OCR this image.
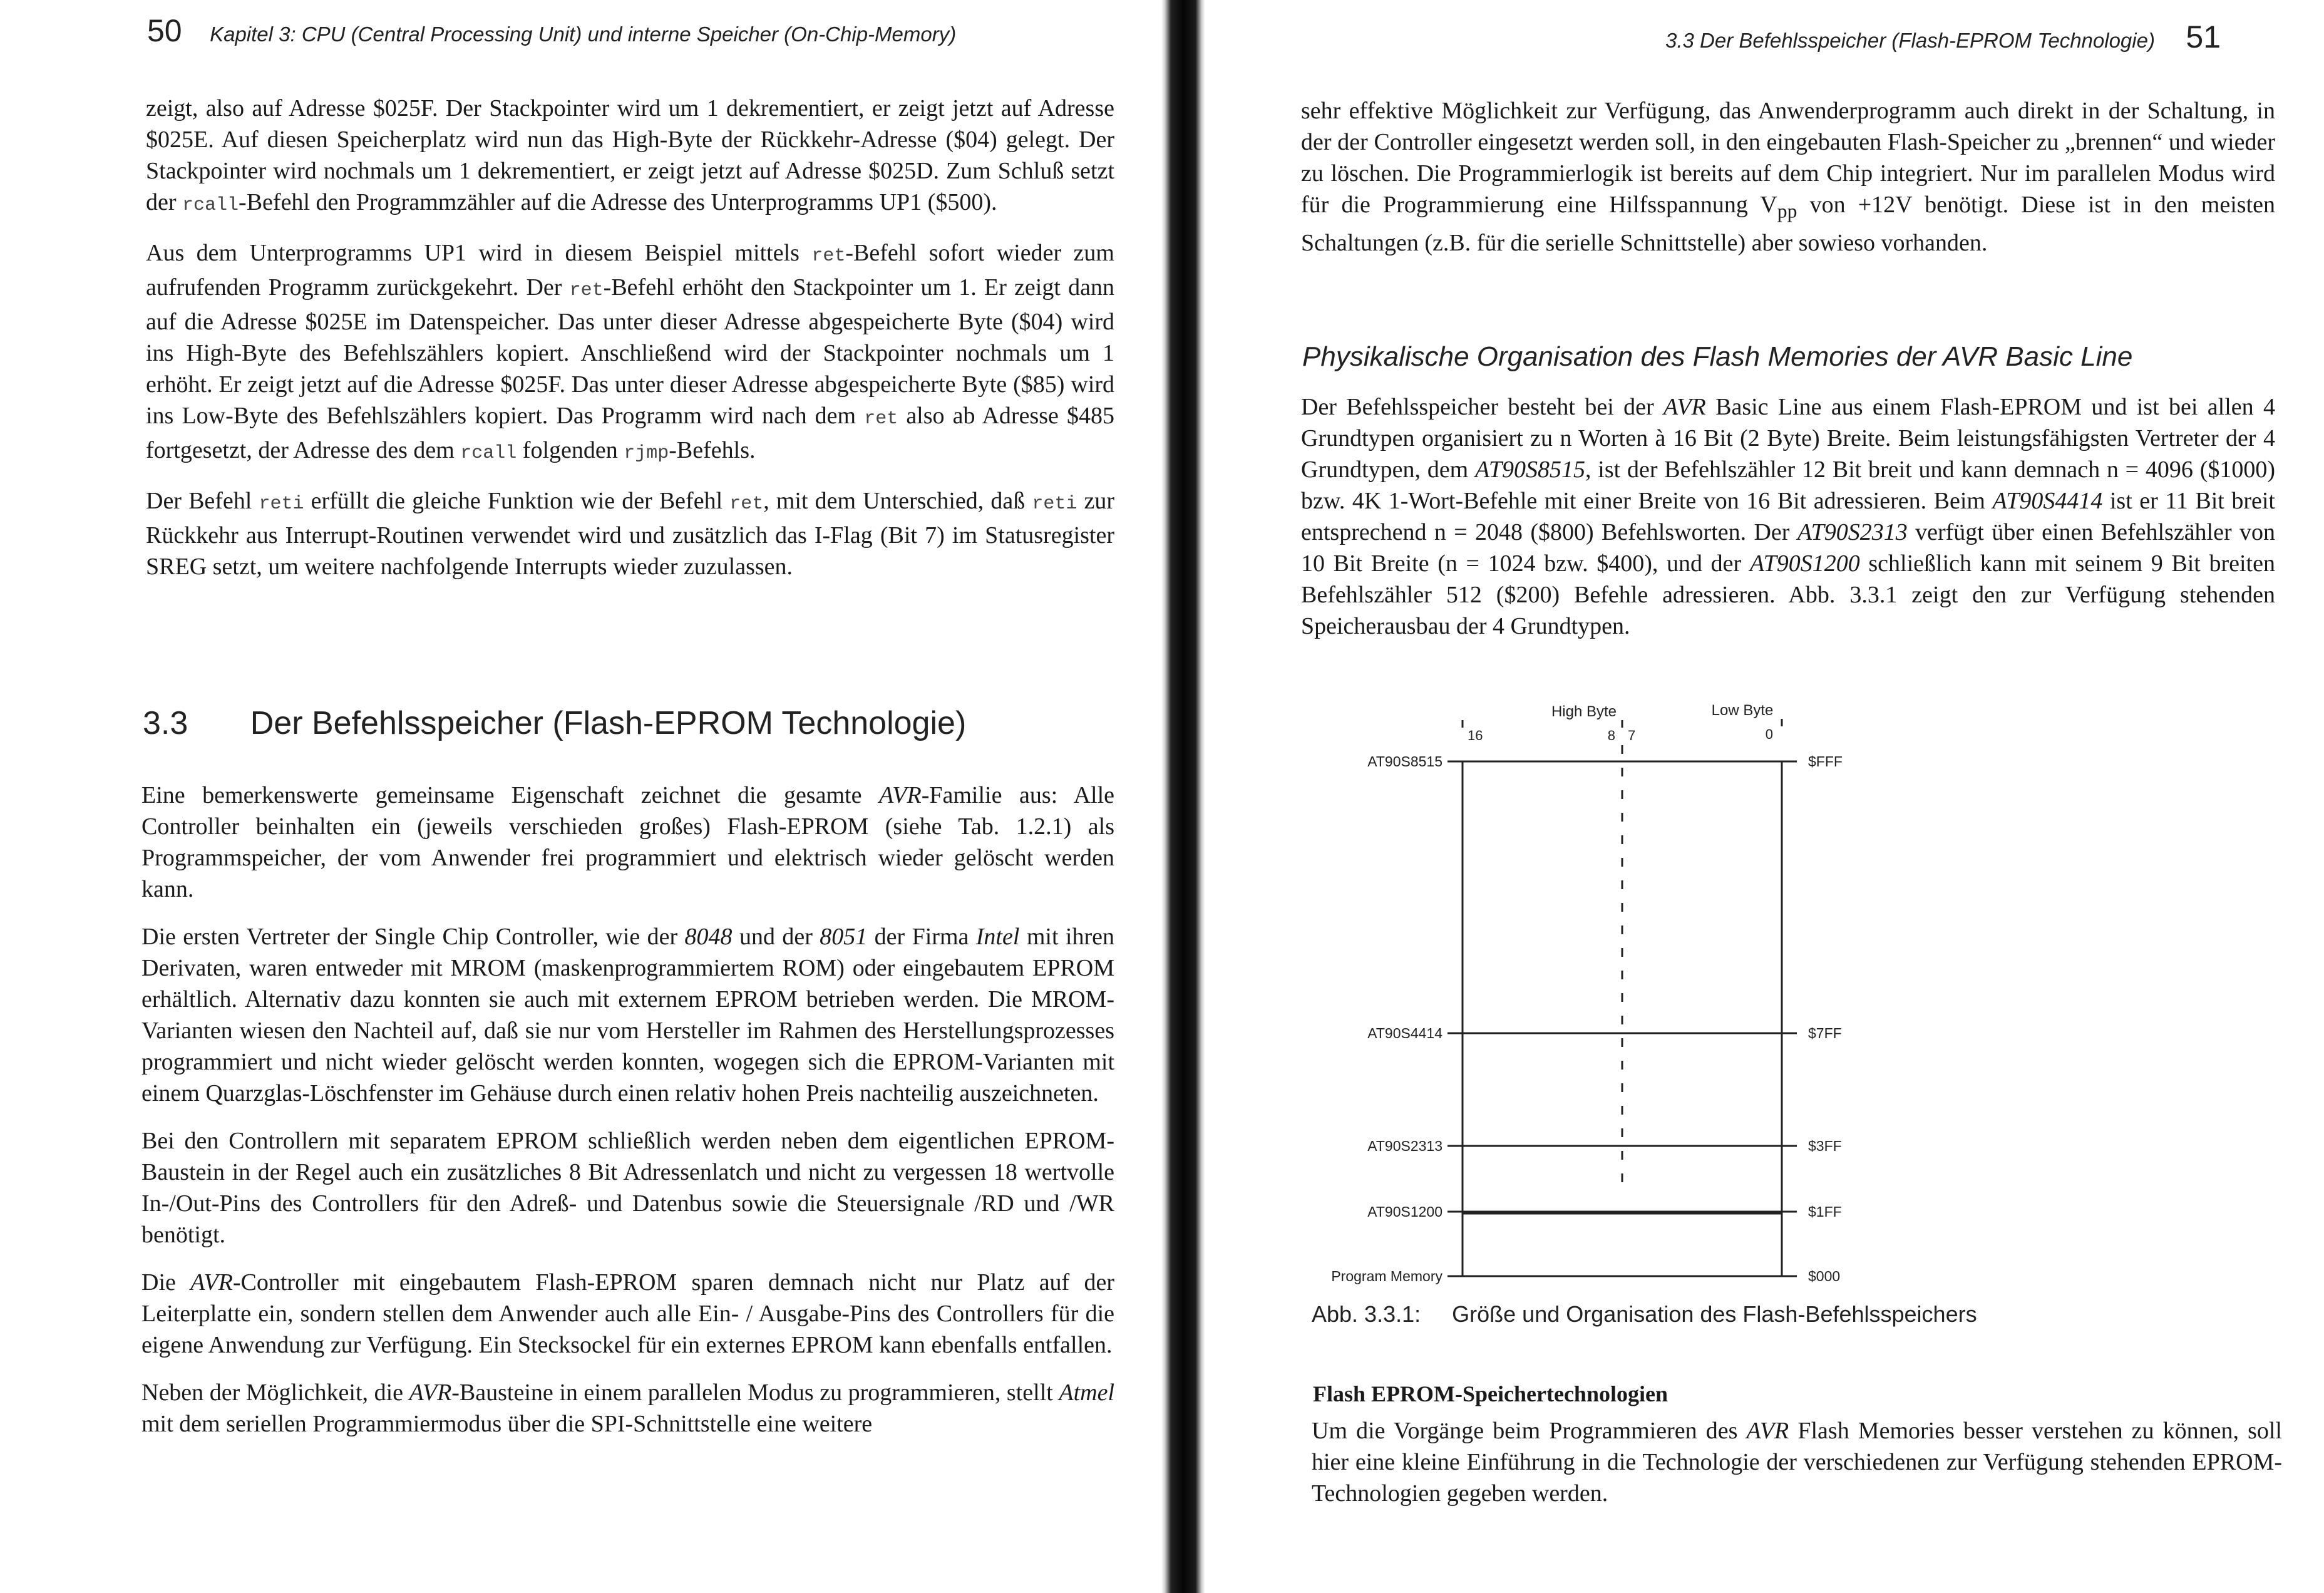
50 Kapitel 3: CPU (Central Processing Unit) und interne Speicher (On-Chip-Memory)

zeigt, also auf Adresse $025F. Der Stackpointer wird um 1 dekrementiert, er zeigt jetzt auf Adresse $025E. Auf diesen Speicherplatz wird nun das High-Byte der Rückkehr-Adresse ($04) gelegt. Der Stackpointer wird nochmals um 1 dekrementiert, er zeigt jetzt auf Adresse $025D. Zum Schluß setzt der rcall-Befehl den Programmzähler auf die Adresse des Unterprogramms UP1 ($500).

Aus dem Unterprogramms UP1 wird in diesem Beispiel mittels ret-Befehl sofort wieder zum aufrufenden Programm zurückgekehrt. Der ret-Befehl erhöht den Stackpointer um 1. Er zeigt dann auf die Adresse $025E im Datenspeicher. Das unter dieser Adresse abgespeicherte Byte ($04) wird ins High-Byte des Befehlszählers kopiert. Anschließend wird der Stackpointer nochmals um 1 erhöht. Er zeigt jetzt auf die Adresse $025F. Das unter dieser Adresse abgespeicherte Byte ($85) wird ins Low-Byte des Befehlszählers kopiert. Das Programm wird nach dem ret also ab Adresse $485 fortgesetzt, der Adresse des dem rcall folgenden rjmp-Befehls.

Der Befehl reti erfüllt die gleiche Funktion wie der Befehl ret, mit dem Unterschied, daß reti zur Rückkehr aus Interrupt-Routinen verwendet wird und zusätzlich das I-Flag (Bit 7) im Statusregister SREG setzt, um weitere nachfolgende Interrupts wieder zuzulassen.

3.3 Der Befehlsspeicher (Flash-EPROM Technologie)

Eine bemerkenswerte gemeinsame Eigenschaft zeichnet die gesamte AVR-Familie aus: Alle Controller beinhalten ein (jeweils verschieden großes) Flash-EPROM (siehe Tab. 1.2.1) als Programmspeicher, der vom Anwender frei programmiert und elektrisch wieder gelöscht werden kann.

Die ersten Vertreter der Single Chip Controller, wie der 8048 und der 8051 der Firma Intel mit ihren Derivaten, waren entweder mit MROM (maskenprogrammiertem ROM) oder eingebautem EPROM erhältlich. Alternativ dazu konnten sie auch mit externem EPROM betrieben werden. Die MROM-Varianten wiesen den Nachteil auf, daß sie nur vom Hersteller im Rahmen des Herstellungsprozesses programmiert und nicht wieder gelöscht werden konnten, wogegen sich die EPROM-Varianten mit einem Quarzglas-Löschfenster im Gehäuse durch einen relativ hohen Preis nachteilig auszeichneten.

Bei den Controllern mit separatem EPROM schließlich werden neben dem eigentlichen EPROM-Baustein in der Regel auch ein zusätzliches 8 Bit Adressenlatch und nicht zu vergessen 18 wertvolle In-/Out-Pins des Controllers für den Adreß- und Datenbus sowie die Steuersignale /RD und /WR benötigt.

Die AVR-Controller mit eingebautem Flash-EPROM sparen demnach nicht nur Platz auf der Leiterplatte ein, sondern stellen dem Anwender auch alle Ein- / Ausgabe-Pins des Controllers für die eigene Anwendung zur Verfügung. Ein Stecksockel für ein externes EPROM kann ebenfalls entfallen.

Neben der Möglichkeit, die AVR-Bausteine in einem parallelen Modus zu programmieren, stellt Atmel mit dem seriellen Programmiermodus über die SPI-Schnittstelle eine weitere

3.3 Der Befehlsspeicher (Flash-EPROM Technologie) 51

sehr effektive Möglichkeit zur Verfügung, das Anwenderprogramm auch direkt in der Schaltung, in der der Controller eingesetzt werden soll, in den eingebauten Flash-Speicher zu „brennen“ und wieder zu löschen. Die Programmierlogik ist bereits auf dem Chip integriert. Nur im parallelen Modus wird für die Programmierung eine Hilfsspannung $V_{pp}$ von +12V benötigt. Diese ist in den meisten Schaltungen (z.B. für die serielle Schnittstelle) aber sowieso vorhanden.

Physikalische Organisation des Flash Memories der AVR Basic Line

Der Befehlsspeicher besteht bei der AVR Basic Line aus einem Flash-EPROM und ist bei allen 4 Grundtypen organisiert zu n Worten à 16 Bit (2 Byte) Breite. Beim leistungsfähigsten Vertreter der 4 Grundtypen, dem AT90S8515, ist der Befehlszähler 12 Bit breit und kann demnach n = 4096 ($1000) bzw. 4K 1-Wort-Befehle mit einer Breite von 16 Bit adressieren. Beim AT90S4414 ist er 11 Bit breit entsprechend n = 2048 ($800) Befehlsworten. Der AT90S2313 verfügt über einen Befehlszähler von 10 Bit Breite (n = 1024 bzw. $400), und der AT90S1200 schließlich kann mit seinem 9 Bit breiten Befehlszähler 512 ($200) Befehle adressieren. Abb. 3.3.1 zeigt den zur Verfügung stehenden Speicherausbau der 4 Grundtypen.

High Byte	Low Byte
16	8 7	0
AT90S8515	$FFF
AT90S4414	$7FF
AT90S2313	$3FF
AT90S1200	$1FF
Program Memory	$000
Abb. 3.3.1: Größe und Organisation des Flash-Befehlsspeichers
Flash EPROM-Speichertechnologien

Um die Vorgänge beim Programmieren des AVR Flash Memories besser verstehen zu können, soll hier eine kleine Einführung in die Technologie der verschiedenen zur Verfügung stehenden EPROM-Technologien gegeben werden.
